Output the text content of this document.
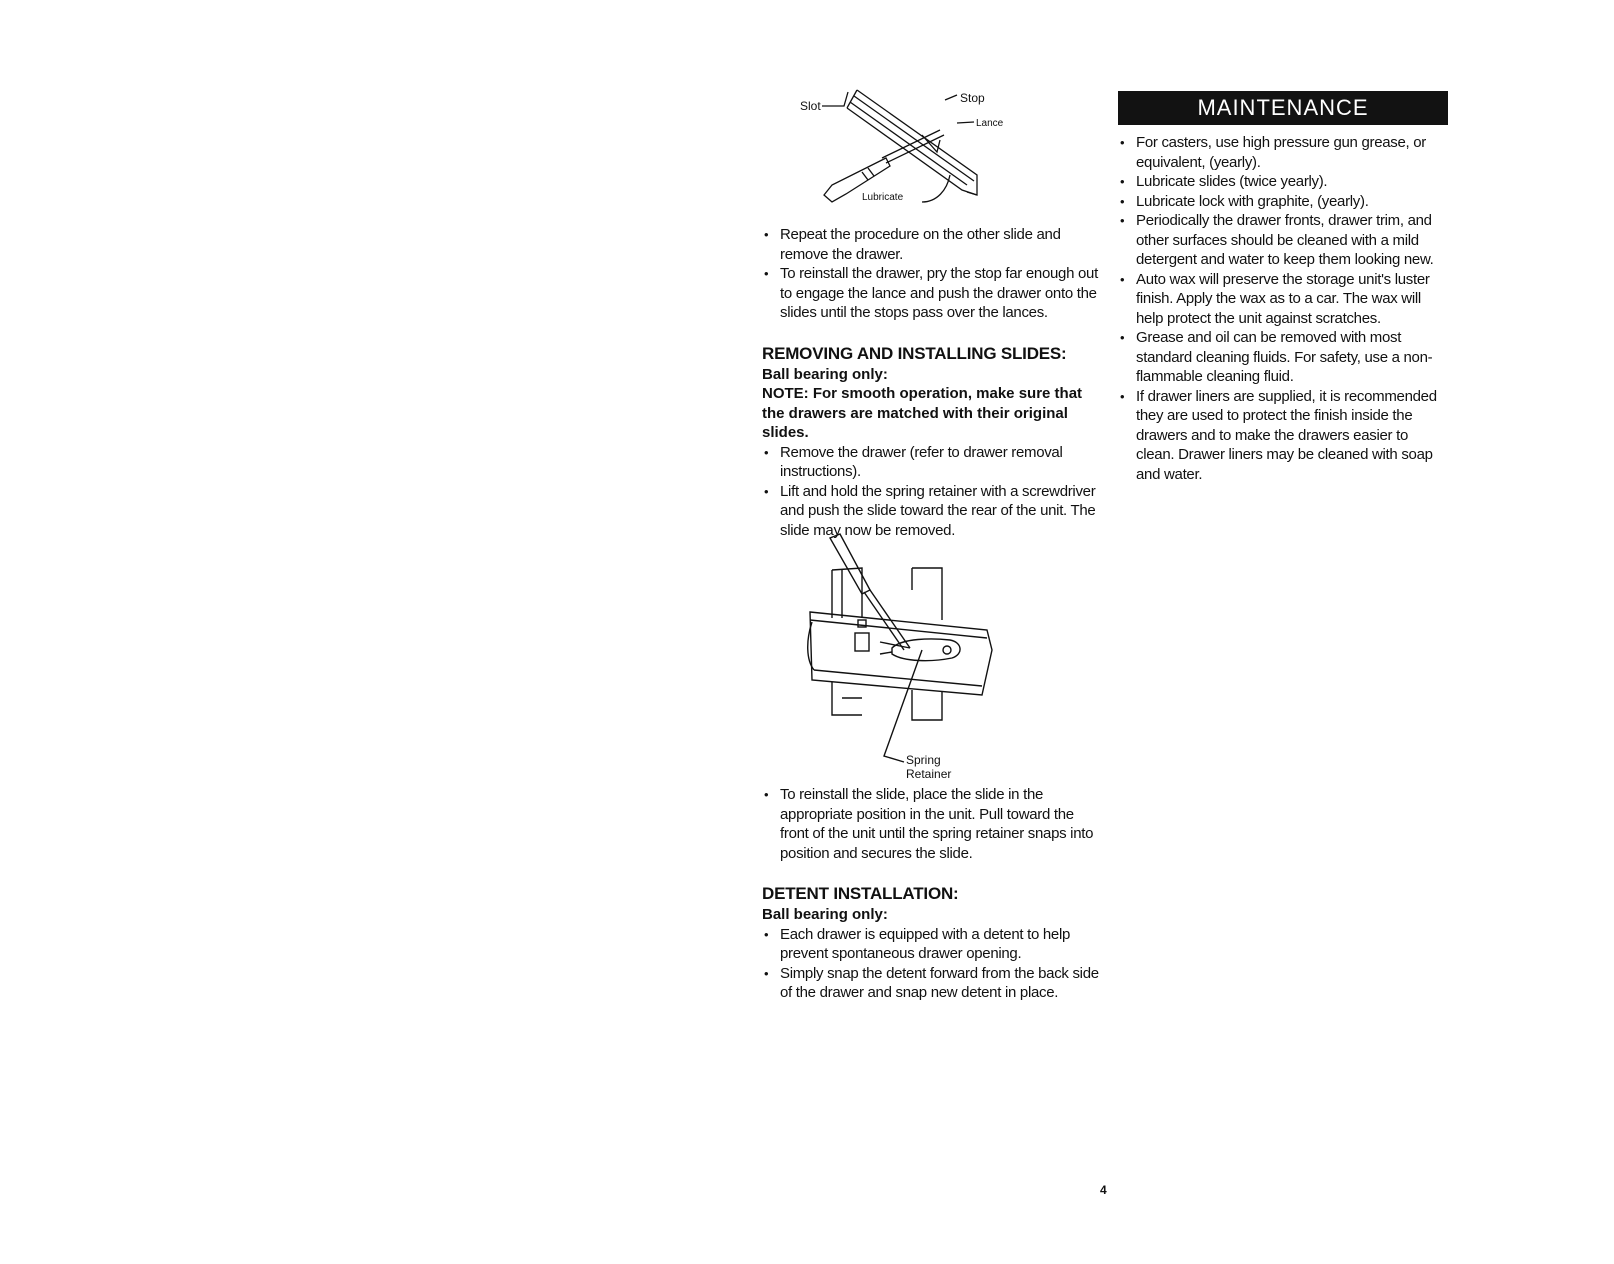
Slot
Stop
Lance
Lubricate
• Repeat the procedure on the other slide and remove the drawer.
• To reinstall the drawer, pry the stop far enough out to engage the lance and push the drawer onto the slides until the stops pass over the lances.

REMOVING AND INSTALLING SLIDES:

Ball bearing only:

NOTE: For smooth operation, make sure that the drawers are matched with their original slides.

• Remove the drawer (refer to drawer removal instructions).
• Lift and hold the spring retainer with a screwdriver and push the slide toward the rear of the unit. The slide may now be removed.
Spring
Retainer
• To reinstall the slide, place the slide in the appropriate position in the unit. Pull toward the front of the unit until the spring retainer snaps into position and secures the slide.

DETENT INSTALLATION:

Ball bearing only:

• Each drawer is equipped with a detent to help prevent spontaneous drawer opening.
• Simply snap the detent forward from the back side of the drawer and snap new detent in place.
MAINTENANCE
• For casters, use high pressure gun grease, or equivalent, (yearly).
• Lubricate slides (twice yearly).
• Lubricate lock with graphite, (yearly).
• Periodically the drawer fronts, drawer trim, and other surfaces should be cleaned with a mild detergent and water to keep them looking new.
• Auto wax will preserve the storage unit's luster finish. Apply the wax as to a car. The wax will help protect the unit against scratches.
• Grease and oil can be removed with most standard cleaning fluids. For safety, use a non-flammable cleaning fluid.
• If drawer liners are supplied, it is recommended they are used to protect the finish inside the drawers and to make the drawers easier to clean. Drawer liners may be cleaned with soap and water.
4
